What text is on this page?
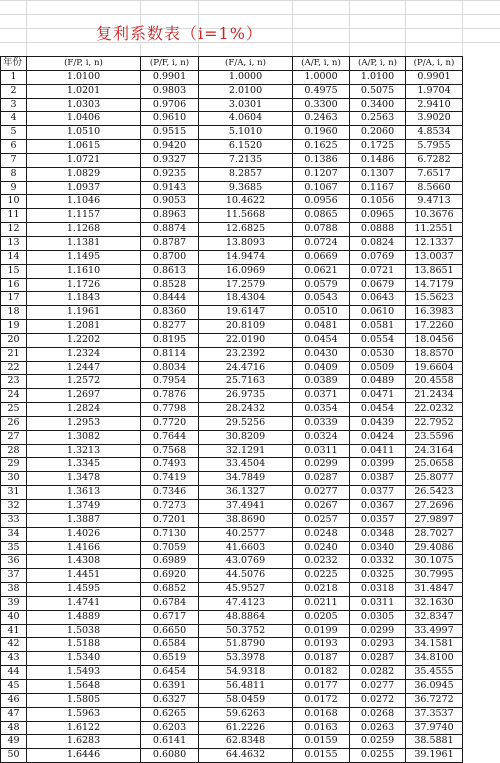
复利系数表（i=1%）
年份	(F/P, i, n)	(P/F, i, n)	(F/A, i, n)	(A/F, i, n)	(A/P, i, n)	(P/A, i, n)
1	1.0100	0.9901	1.0000	1.0000	1.0100	0.9901
2	1.0201	0.9803	2.0100	0.4975	0.5075	1.9704
3	1.0303	0.9706	3.0301	0.3300	0.3400	2.9410
4	1.0406	0.9610	4.0604	0.2463	0.2563	3.9020
5	1.0510	0.9515	5.1010	0.1960	0.2060	4.8534
6	1.0615	0.9420	6.1520	0.1625	0.1725	5.7955
7	1.0721	0.9327	7.2135	0.1386	0.1486	6.7282
8	1.0829	0.9235	8.2857	0.1207	0.1307	7.6517
9	1.0937	0.9143	9.3685	0.1067	0.1167	8.5660
10	1.1046	0.9053	10.4622	0.0956	0.1056	9.4713
11	1.1157	0.8963	11.5668	0.0865	0.0965	10.3676
12	1.1268	0.8874	12.6825	0.0788	0.0888	11.2551
13	1.1381	0.8787	13.8093	0.0724	0.0824	12.1337
14	1.1495	0.8700	14.9474	0.0669	0.0769	13.0037
15	1.1610	0.8613	16.0969	0.0621	0.0721	13.8651
16	1.1726	0.8528	17.2579	0.0579	0.0679	14.7179
17	1.1843	0.8444	18.4304	0.0543	0.0643	15.5623
18	1.1961	0.8360	19.6147	0.0510	0.0610	16.3983
19	1.2081	0.8277	20.8109	0.0481	0.0581	17.2260
20	1.2202	0.8195	22.0190	0.0454	0.0554	18.0456
21	1.2324	0.8114	23.2392	0.0430	0.0530	18.8570
22	1.2447	0.8034	24.4716	0.0409	0.0509	19.6604
23	1.2572	0.7954	25.7163	0.0389	0.0489	20.4558
24	1.2697	0.7876	26.9735	0.0371	0.0471	21.2434
25	1.2824	0.7798	28.2432	0.0354	0.0454	22.0232
26	1.2953	0.7720	29.5256	0.0339	0.0439	22.7952
27	1.3082	0.7644	30.8209	0.0324	0.0424	23.5596
28	1.3213	0.7568	32.1291	0.0311	0.0411	24.3164
29	1.3345	0.7493	33.4504	0.0299	0.0399	25.0658
30	1.3478	0.7419	34.7849	0.0287	0.0387	25.8077
31	1.3613	0.7346	36.1327	0.0277	0.0377	26.5423
32	1.3749	0.7273	37.4941	0.0267	0.0367	27.2696
33	1.3887	0.7201	38.8690	0.0257	0.0357	27.9897
34	1.4026	0.7130	40.2577	0.0248	0.0348	28.7027
35	1.4166	0.7059	41.6603	0.0240	0.0340	29.4086
36	1.4308	0.6989	43.0769	0.0232	0.0332	30.1075
37	1.4451	0.6920	44.5076	0.0225	0.0325	30.7995
38	1.4595	0.6852	45.9527	0.0218	0.0318	31.4847
39	1.4741	0.6784	47.4123	0.0211	0.0311	32.1630
40	1.4889	0.6717	48.8864	0.0205	0.0305	32.8347
41	1.5038	0.6650	50.3752	0.0199	0.0299	33.4997
42	1.5188	0.6584	51.8790	0.0193	0.0293	34.1581
43	1.5340	0.6519	53.3978	0.0187	0.0287	34.8100
44	1.5493	0.6454	54.9318	0.0182	0.0282	35.4555
45	1.5648	0.6391	56.4811	0.0177	0.0277	36.0945
46	1.5805	0.6327	58.0459	0.0172	0.0272	36.7272
47	1.5963	0.6265	59.6263	0.0168	0.0268	37.3537
48	1.6122	0.6203	61.2226	0.0163	0.0263	37.9740
49	1.6283	0.6141	62.8348	0.0159	0.0259	38.5881
50	1.6446	0.6080	64.4632	0.0155	0.0255	39.1961
